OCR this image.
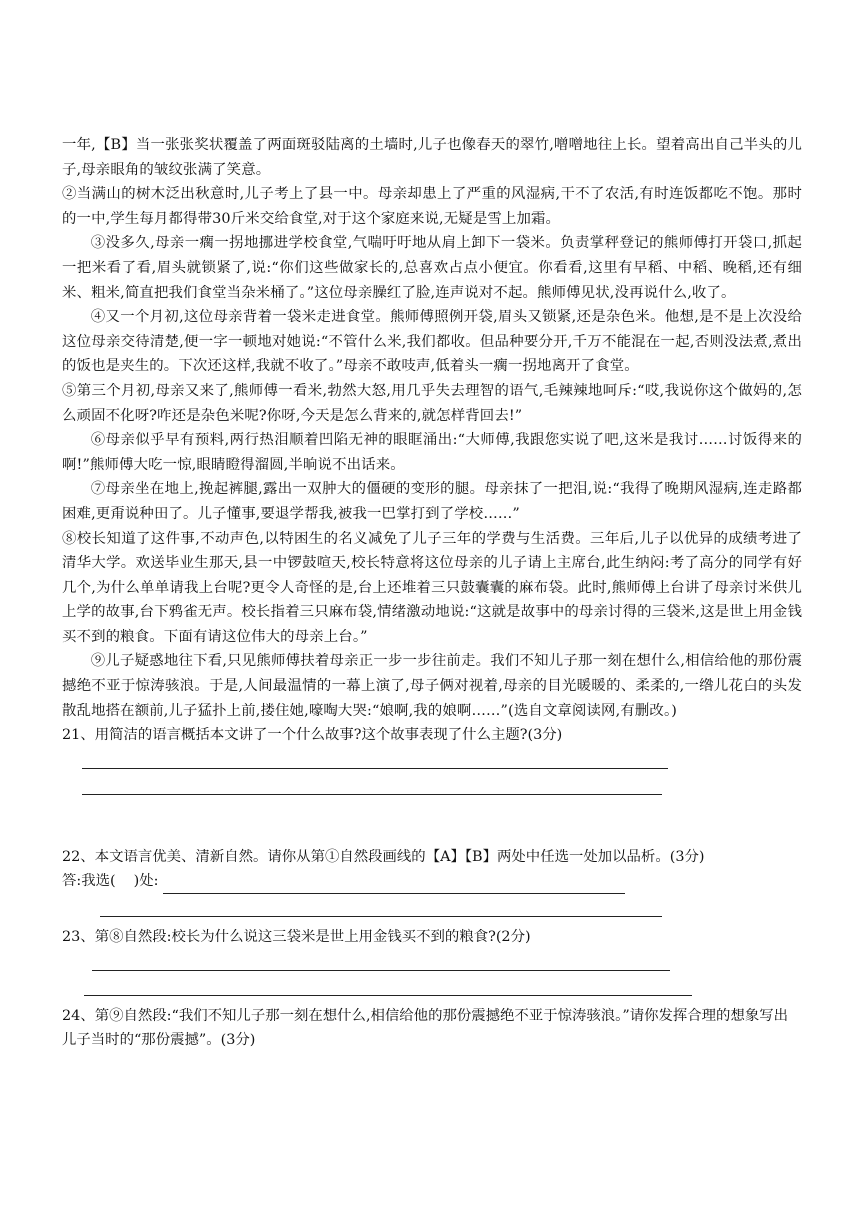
一年,【B】当一张张奖状覆盖了两面斑驳陆离的土墙时,儿子也像春天的翠竹,噌噌地往上长。望着高出自己半头的儿子,母亲眼角的皱纹张满了笑意。

②当满山的树木泛出秋意时,儿子考上了县一中。母亲却患上了严重的风湿病,干不了农活,有时连饭都吃不饱。那时的一中,学生每月都得带30斤米交给食堂,对于这个家庭来说,无疑是雪上加霜。

③没多久,母亲一瘸一拐地挪进学校食堂,气喘吁吁地从肩上卸下一袋米。负责掌秤登记的熊师傅打开袋口,抓起一把米看了看,眉头就锁紧了,说:“你们这些做家长的,总喜欢占点小便宜。你看看,这里有早稻、中稻、晚稻,还有细米、粗米,简直把我们食堂当杂米桶了。”这位母亲臊红了脸,连声说对不起。熊师傅见状,没再说什么,收了。

④又一个月初,这位母亲背着一袋米走进食堂。熊师傅照例开袋,眉头又锁紧,还是杂色米。他想,是不是上次没给这位母亲交待清楚,便一字一顿地对她说:“不管什么米,我们都收。但品种要分开,千万不能混在一起,否则没法煮,煮出的饭也是夹生的。下次还这样,我就不收了。”母亲不敢吱声,低着头一瘸一拐地离开了食堂。

⑤第三个月初,母亲又来了,熊师傅一看米,勃然大怒,用几乎失去理智的语气,毛辣辣地呵斥:“哎,我说你这个做妈的,怎么顽固不化呀?咋还是杂色米呢?你呀,今天是怎么背来的,就怎样背回去!”

⑥母亲似乎早有预料,两行热泪顺着凹陷无神的眼眶涌出:“大师傅,我跟您实说了吧,这米是我讨……讨饭得来的啊!”熊师傅大吃一惊,眼睛瞪得溜圆,半晌说不出话来。

⑦母亲坐在地上,挽起裤腿,露出一双肿大的僵硬的变形的腿。母亲抹了一把泪,说:“我得了晚期风湿病,连走路都困难,更甭说种田了。儿子懂事,要退学帮我,被我一巴掌打到了学校……”

⑧校长知道了这件事,不动声色,以特困生的名义减免了儿子三年的学费与生活费。三年后,儿子以优异的成绩考进了清华大学。欢送毕业生那天,县一中锣鼓喧天,校长特意将这位母亲的儿子请上主席台,此生纳闷:考了高分的同学有好几个,为什么单单请我上台呢?更令人奇怪的是,台上还堆着三只鼓囊囊的麻布袋。此时,熊师傅上台讲了母亲讨米供儿上学的故事,台下鸦雀无声。校长指着三只麻布袋,情绪激动地说:“这就是故事中的母亲讨得的三袋米,这是世上用金钱买不到的粮食。下面有请这位伟大的母亲上台。”

⑨儿子疑惑地往下看,只见熊师傅扶着母亲正一步一步往前走。我们不知儿子那一刻在想什么,相信给他的那份震撼绝不亚于惊涛骇浪。于是,人间最温情的一幕上演了,母子俩对视着,母亲的目光暖暖的、柔柔的,一绺儿花白的头发散乱地搭在额前,儿子猛扑上前,搂住她,嚎啕大哭:“娘啊,我的娘啊……”(选自文章阅读网,有删改。)

21、用简洁的语言概括本文讲了一个什么故事?这个故事表现了什么主题?(3分)

22、本文语言优美、清新自然。请你从第①自然段画线的【A】【B】两处中任选一处加以品析。(3分)

答:我选( )处:

23、第⑧自然段:校长为什么说这三袋米是世上用金钱买不到的粮食?(2分)

24、第⑨自然段:“我们不知儿子那一刻在想什么,相信给他的那份震撼绝不亚于惊涛骇浪。”请你发挥合理的想象写出儿子当时的“那份震撼”。(3分)
